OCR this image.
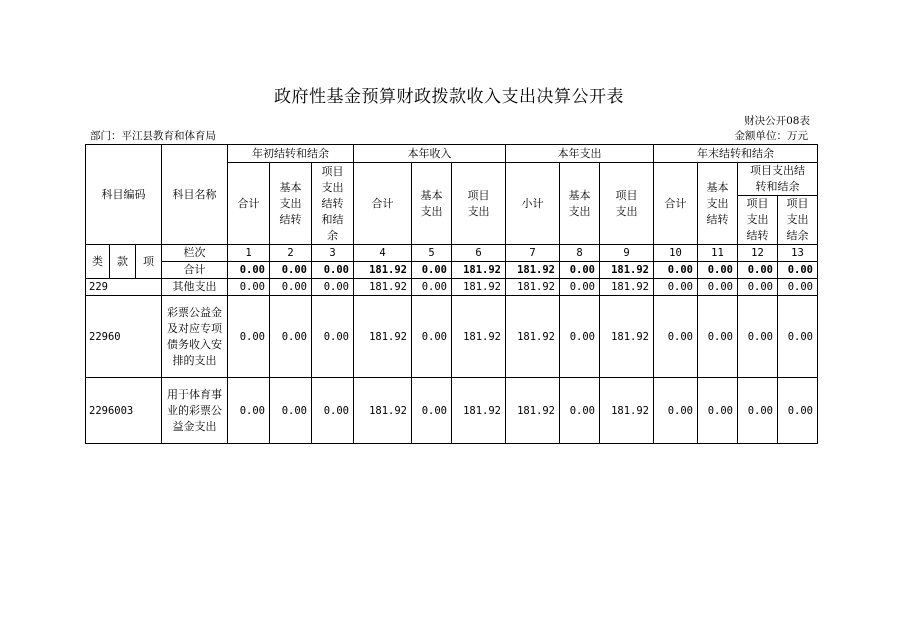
政府性基金预算财政拨款收入支出决算公开表
财决公开08表
部门：平江县教育和体育局	金额单位：万元
科目编码			科目名称	年初结转和结余			本年收入			本年支出			年末结转和结余			
				合计	基本支出结转	项目支出结转和结余	合计	基本支出	项目支出	小计	基本支出	项目支出	合计	基本支出结转	项目支出结转和结余	

															项目支出结转	项目支出结余

类	款	项	栏次	1	2	3	4	5	6	7	8	9	10	11	12	13
			合计	0.00	0.00	0.00	181.92	0.00	181.92	181.92	0.00	181.92	0.00	0.00	0.00	0.00
229			其他支出	0.00	0.00	0.00	181.92	0.00	181.92	181.92	0.00	181.92	0.00	0.00	0.00	0.00
22960			彩票公益金及对应专项债务收入安排的支出	0.00	0.00	0.00	181.92	0.00	181.92	181.92	0.00	181.92	0.00	0.00	0.00	0.00
2296003			用于体育事业的彩票公益金支出	0.00	0.00	0.00	181.92	0.00	181.92	181.92	0.00	181.92	0.00	0.00	0.00	0.00
